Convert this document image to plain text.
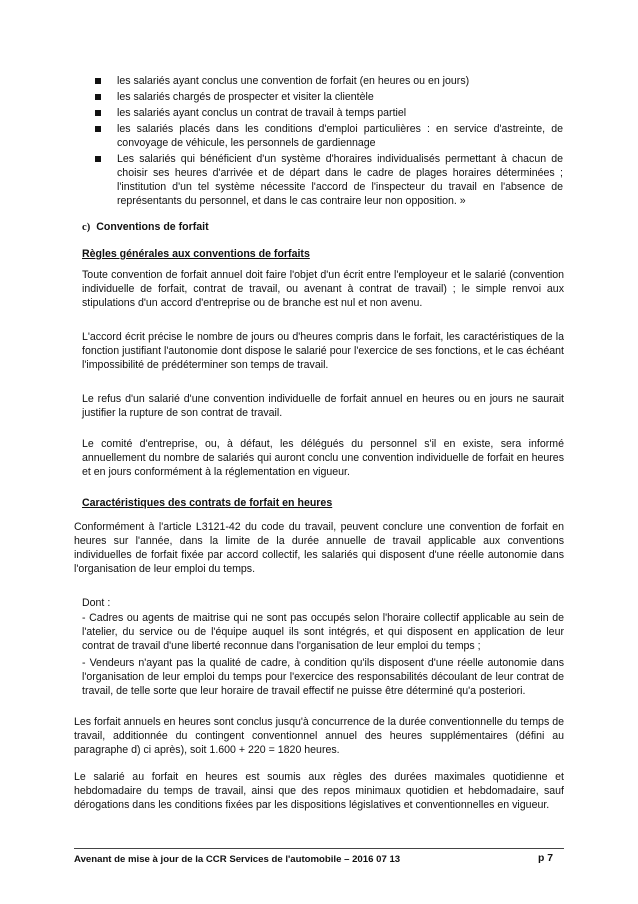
les salariés ayant conclus une convention de forfait (en heures ou en jours)
les salariés chargés de prospecter et visiter la clientèle
les salariés ayant conclus un contrat de travail à temps partiel
les salariés placés dans les conditions d'emploi particulières : en service d'astreinte, de convoyage de véhicule, les personnels de gardiennage
Les salariés qui bénéficient d'un système d'horaires individualisés permettant à chacun de choisir ses heures d'arrivée et de départ dans le cadre de plages horaires déterminées ; l'institution d'un tel système nécessite l'accord de l'inspecteur du travail en l'absence de représentants du personnel, et dans le cas contraire leur non opposition. »
c) Conventions de forfait
Règles générales aux conventions de forfaits
Toute convention de forfait annuel doit faire l'objet d'un écrit entre l'employeur et le salarié (convention individuelle de forfait, contrat de travail, ou avenant à contrat de travail) ; le simple renvoi aux stipulations d'un accord d'entreprise ou de branche est nul et non avenu.
L'accord écrit précise le nombre de jours ou d'heures compris dans le forfait, les caractéristiques de la fonction justifiant l'autonomie dont dispose le salarié pour l'exercice de ses fonctions, et le cas échéant l'impossibilité de prédéterminer son temps de travail.
Le refus d'un salarié d'une convention individuelle de forfait annuel en heures ou en jours ne saurait justifier la rupture de son contrat de travail.
Le comité d'entreprise, ou, à défaut, les délégués du personnel s'il en existe, sera informé annuellement du nombre de salariés qui auront conclu une convention individuelle de forfait en heures et en jours conformément à la réglementation en vigueur.
Caractéristiques des contrats de forfait en heures
Conformément à l'article L3121-42 du code du travail, peuvent conclure une convention de forfait en heures sur l'année, dans la limite de la durée annuelle de travail applicable aux conventions individuelles de forfait fixée par accord collectif, les salariés qui disposent d'une réelle autonomie dans l'organisation de leur emploi du temps.
Dont :
- Cadres ou agents de maitrise qui ne sont pas occupés selon l'horaire collectif applicable au sein de l'atelier, du service ou de l'équipe auquel ils sont intégrés, et qui disposent en application de leur contrat de travail d'une liberté reconnue dans l'organisation de leur emploi du temps ;
- Vendeurs n'ayant pas la qualité de cadre, à condition qu'ils disposent d'une réelle autonomie dans l'organisation de leur emploi du temps pour l'exercice des responsabilités découlant de leur contrat de travail, de telle sorte que leur horaire de travail effectif ne puisse être déterminé qu'a posteriori.
Les forfait annuels en heures sont conclus jusqu'à concurrence de la durée conventionnelle du temps de travail, additionnée du contingent conventionnel annuel des heures supplémentaires (défini au paragraphe d) ci après), soit 1.600 + 220 = 1820 heures.
Le salarié au forfait en heures est soumis aux règles des durées maximales quotidienne et hebdomadaire du temps de travail, ainsi que des repos minimaux quotidien et hebdomadaire, sauf dérogations dans les conditions fixées par les dispositions législatives et conventionnelles en vigueur.
Avenant de mise à jour de la CCR Services de l'automobile – 2016 07 13	p 7
